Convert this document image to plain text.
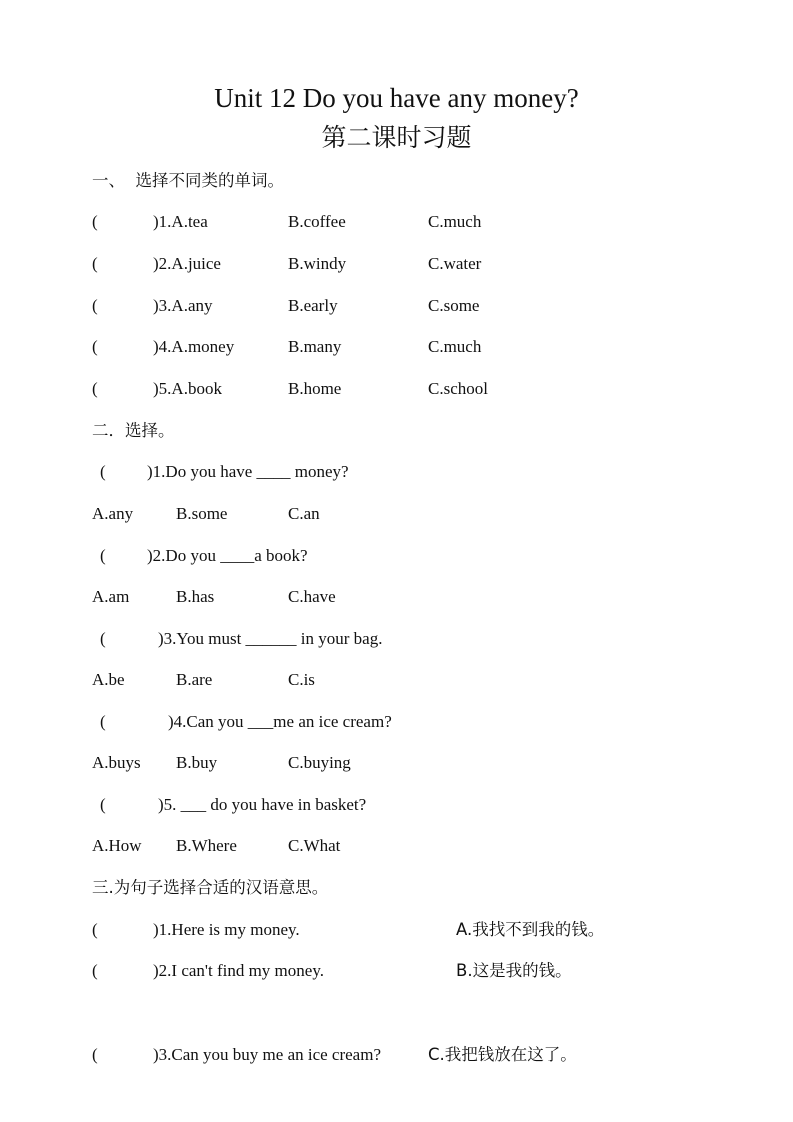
Unit 12 Do you have any money?
第二课时习题
一、  选择不同类的单词。
(	)1.A.tea	B.coffee	C.much
(	)2.A.juice	B.windy	C.water
(	)3.A.any	B.early	C.some
(	)4.A.money	B.many	C.much
(	)5.A.book	B.home	C.school
二．选择。
( )1.Do you have ____ money?
A.any	B.some	C.an
( )2.Do you ____a book?
A.am	B.has	C.have
(	)3.You must ______ in your bag.
A.be	B.are	C.is
(	)4.Can you ___me an ice cream?
A.buys B.buy	C.buying
(	)5. ___ do you have in basket?
A.How B.Where	C.What
三.为句子选择合适的汉语意思。
(	)1.Here is my money.	A.我找不到我的钱。
(	)2.I can't find my money.	B.这是我的钱。
(	)3.Can you buy me an ice cream?	C.我把钱放在这了。
